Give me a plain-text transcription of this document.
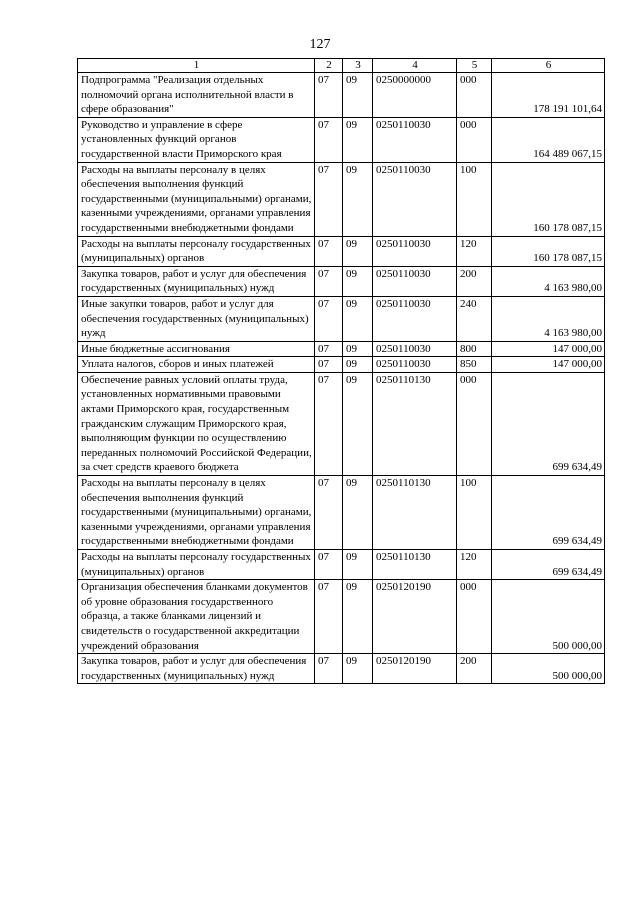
127
1	2	3	4	5	6
Подпрограмма "Реализация отдельных полномочий органа исполнительной власти в сфере образования"	07	09	0250000000	000	178 191 101,64
Руководство и управление в сфере установленных функций органов государственной власти Приморского края	07	09	0250110030	000	164 489 067,15
Расходы на выплаты персоналу в целях обеспечения выполнения функций государственными (муниципальными) органами, казенными учреждениями, органами управления государственными внебюджетными фондами	07	09	0250110030	100	160 178 087,15
Расходы на выплаты персоналу государственных (муниципальных) органов	07	09	0250110030	120	160 178 087,15
Закупка товаров, работ и услуг для обеспечения государственных (муниципальных) нужд	07	09	0250110030	200	4 163 980,00
Иные закупки товаров, работ и услуг для обеспечения государственных (муниципальных) нужд	07	09	0250110030	240	4 163 980,00
Иные бюджетные ассигнования	07	09	0250110030	800	147 000,00
Уплата налогов, сборов и иных платежей	07	09	0250110030	850	147 000,00
Обеспечение равных условий оплаты труда, установленных нормативными правовыми актами Приморского края, государственным гражданским служащим Приморского края, выполняющим функции по осуществлению переданных полномочий Российской Федерации, за счет средств краевого бюджета	07	09	0250110130	000	699 634,49
Расходы на выплаты персоналу в целях обеспечения выполнения функций государственными (муниципальными) органами, казенными учреждениями, органами управления государственными внебюджетными фондами	07	09	0250110130	100	699 634,49
Расходы на выплаты персоналу государственных (муниципальных) органов	07	09	0250110130	120	699 634,49
Организация обеспечения бланками документов об уровне образования государственного образца, а также бланками лицензий и свидетельств о государственной аккредитации учреждений образования	07	09	0250120190	000	500 000,00
Закупка товаров, работ и услуг для обеспечения государственных (муниципальных) нужд	07	09	0250120190	200	500 000,00
